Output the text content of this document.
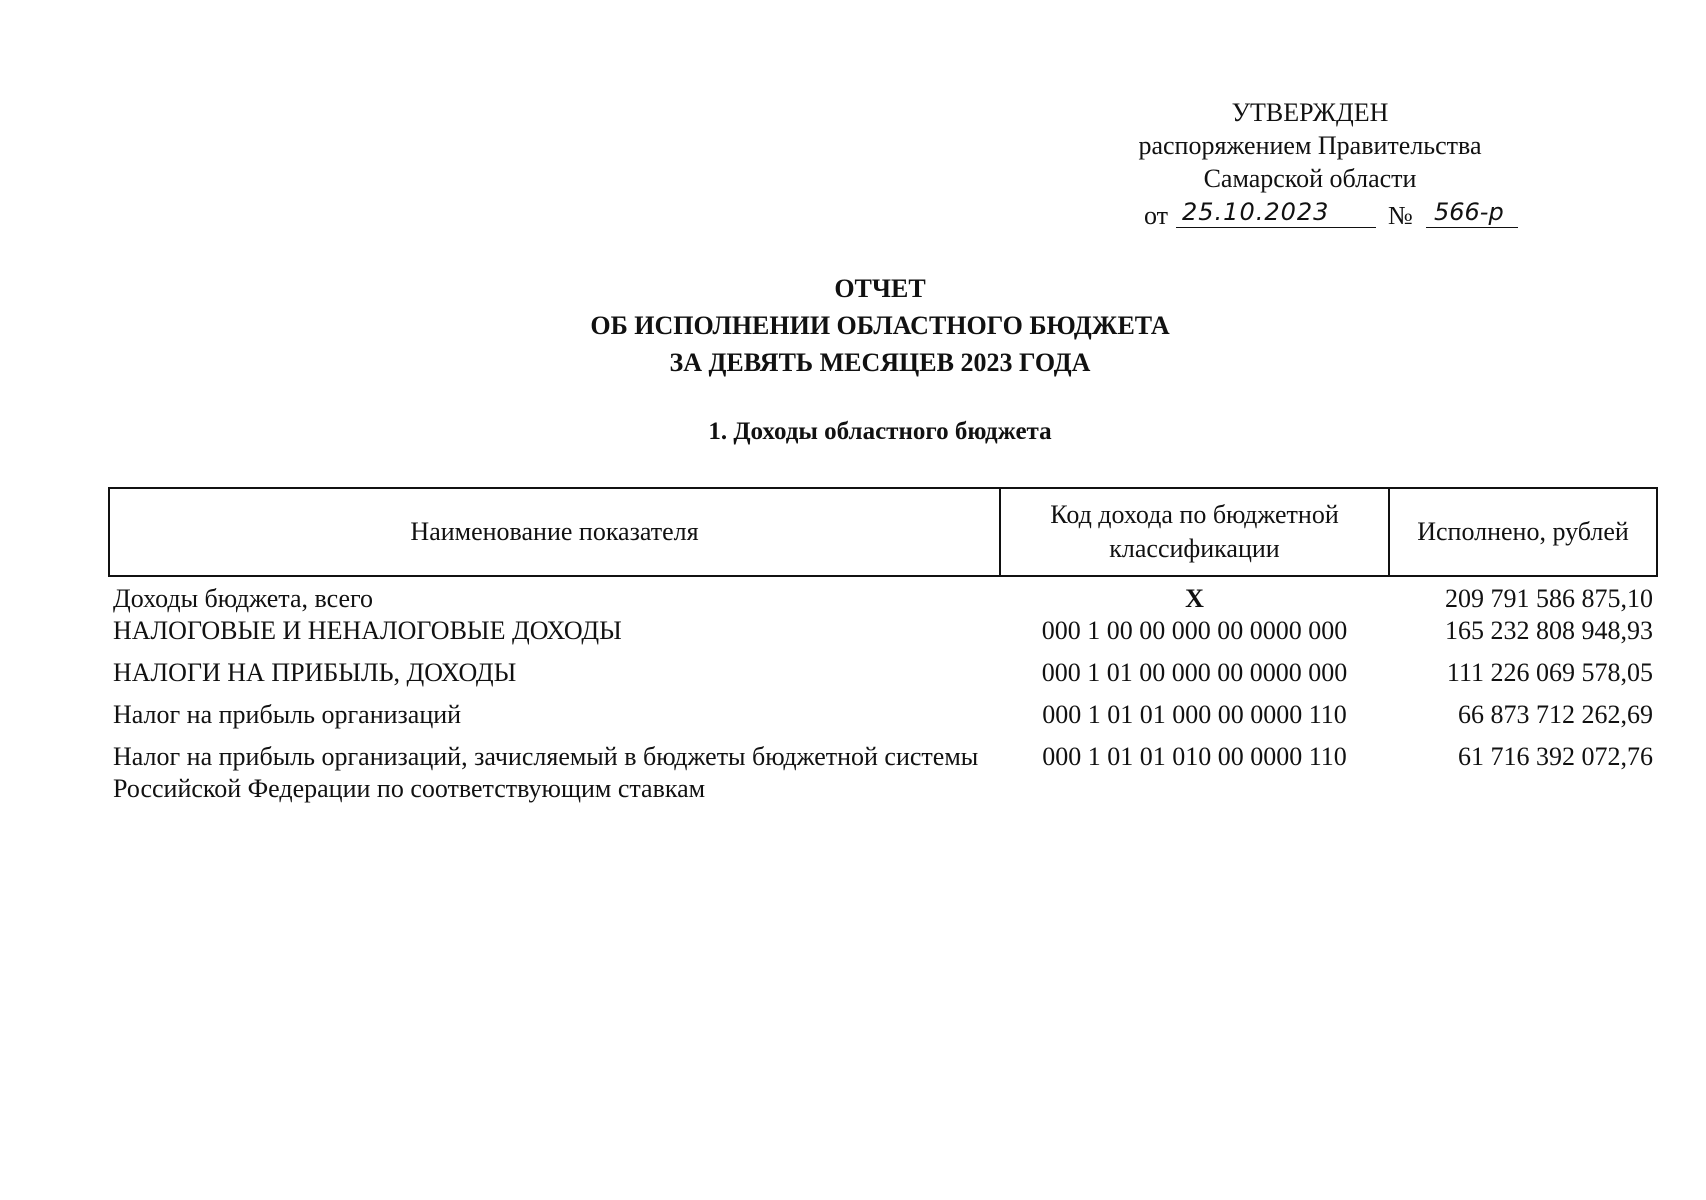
УТВЕРЖДЕН
распоряжением Правительства
Самарской области
от 25.10.2023	№ 566-р
ОТЧЕТ
ОБ ИСПОЛНЕНИИ ОБЛАСТНОГО БЮДЖЕТА
ЗА ДЕВЯТЬ МЕСЯЦЕВ 2023 ГОДА
1. Доходы областного бюджета
Наименование показателя	Код дохода по бюджетной классификации	Исполнено, рублей
Доходы бюджета, всего	X	209 791 586 875,10
НАЛОГОВЫЕ И НЕНАЛОГОВЫЕ ДОХОДЫ	000 1 00 00 000 00 0000 000	165 232 808 948,93
НАЛОГИ НА ПРИБЫЛЬ, ДОХОДЫ	000 1 01 00 000 00 0000 000	111 226 069 578,05
Налог на прибыль организаций	000 1 01 01 000 00 0000 110	66 873 712 262,69
Налог на прибыль организаций, зачисляемый в бюджеты бюджетной системы Российской Федерации по соответствующим ставкам	000 1 01 01 010 00 0000 110	61 716 392 072,76
